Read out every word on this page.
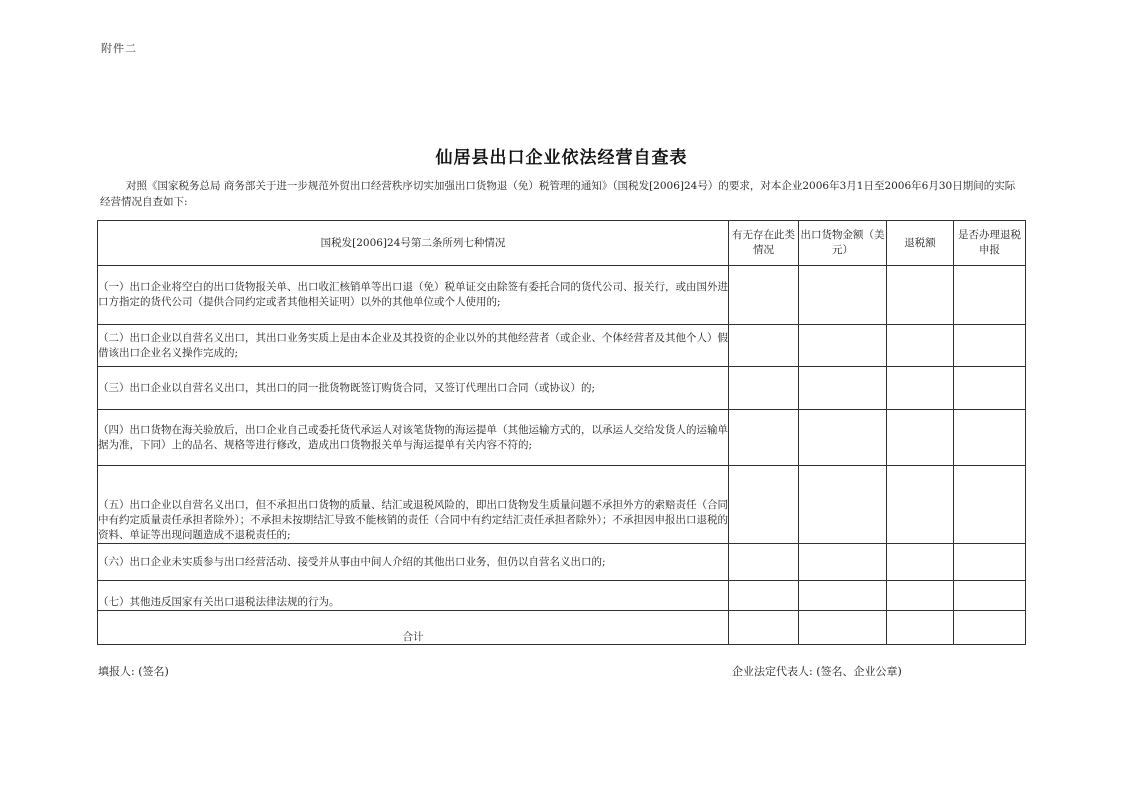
附件二
仙居县出口企业依法经营自查表

对照《国家税务总局 商务部关于进一步规范外贸出口经营秩序切实加强出口货物退（免）税管理的通知》（国税发[2006]24号）的要求，对本企业2006年3月1日至2006年6月30日期间的实际经营情况自查如下:

国税发[2006]24号第二条所列七种情况	有无存在此类情况	出口货物金额（美元）	退税额	是否办理退税申报
（一）出口企业将空白的出口货物报关单、出口收汇核销单等出口退（免）税单证交由除签有委托合同的货代公司、报关行，或由国外进口方指定的货代公司（提供合同约定或者其他相关证明）以外的其他单位或个人使用的;				
（二）出口企业以自营名义出口，其出口业务实质上是由本企业及其投资的企业以外的其他经营者（或企业、个体经营者及其他个人）假借该出口企业名义操作完成的;				
（三）出口企业以自营名义出口，其出口的同一批货物既签订购货合同，又签订代理出口合同（或协议）的;				
（四）出口货物在海关验放后，出口企业自己或委托货代承运人对该笔货物的海运提单（其他运输方式的，以承运人交给发货人的运输单据为准，下同）上的品名、规格等进行修改，造成出口货物报关单与海运提单有关内容不符的;				
（五）出口企业以自营名义出口，但不承担出口货物的质量、结汇或退税风险的，即出口货物发生质量问题不承担外方的索赔责任（合同中有约定质量责任承担者除外）；不承担未按期结汇导致不能核销的责任（合同中有约定结汇责任承担者除外）；不承担因申报出口退税的资料、单证等出现问题造成不退税责任的;				
（六）出口企业未实质参与出口经营活动、接受并从事由中间人介绍的其他出口业务，但仍以自营名义出口的;				
（七）其他违反国家有关出口退税法律法规的行为。				
合计				
填报人: (签名)	企业法定代表人: (签名、企业公章)
